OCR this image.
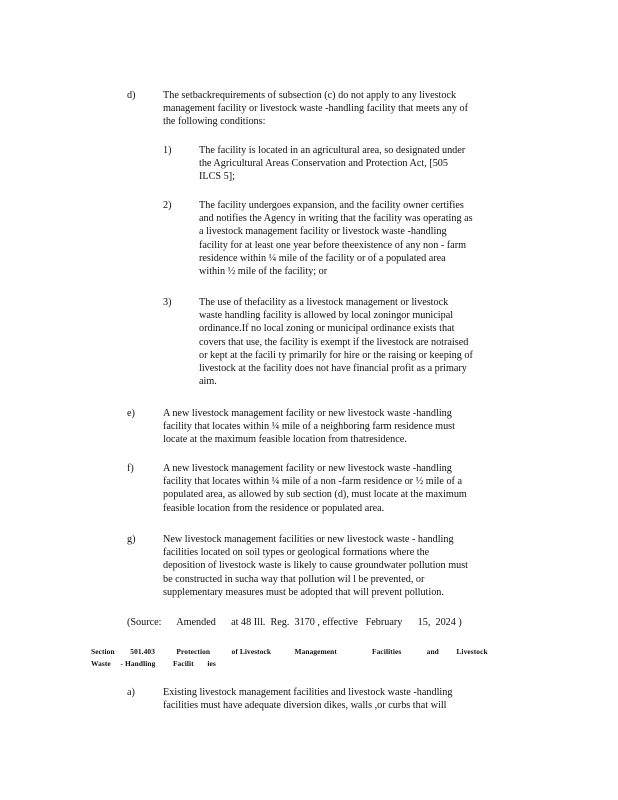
d)	The setbackrequirements of subsection (c) do not apply to any livestock
management facility or livestock waste -handling facility that meets any of
the following conditions:
1)	The facility is located in an agricultural area, so designated under
the Agricultural Areas Conservation and Protection Act, [505
ILCS 5];
2)	The facility undergoes expansion, and the facility owner certifies
and notifies the Agency in writing that the facility was operating as
a livestock management facility or livestock waste -handling
facility for at least one year before theexistence of any non - farm
residence within ¼ mile of the facility or of a populated area
within ½ mile of the facility; or
3)	The use of thefacility as a livestock management or livestock
waste handling facility is allowed by local zoningor municipal
ordinance.If no local zoning or municipal ordinance exists that
covers that use, the facility is exempt if the livestock are notraised
or kept at the facili ty primarily for hire or the raising or keeping of
livestock at the facility does not have financial profit as a primary
aim.
e)	A new livestock management facility or new livestock waste -handling
facility that locates within ¼ mile of a neighboring farm residence must
locate at the maximum feasible location from thatresidence.
f)	A new livestock management facility or new livestock waste -handling
facility that locates within ¼ mile of a non -farm residence or ½ mile of a
populated area, as allowed by sub section (d), must locate at the maximum
feasible location from the residence or populated area.
g)	New livestock management facilities or new livestock waste - handling
facilities located on soil types or geological formations where the
deposition of livestock waste is likely to cause groundwater pollution must
be constructed in sucha way that pollution wil l be prevented, or
supplementary measures must be adopted that will prevent pollution.
(Source:      Amended      at 48 Ill.  Reg.  3170 , effective   February      15,  2024 )
Section        501.403           Protection           of Livestock            Management                  Facilities             and         Livestock
Waste     - Handling         Facilit       ies
a)	Existing livestock management facilities and livestock waste -handling
facilities must have adequate diversion dikes, walls ,or curbs that will
